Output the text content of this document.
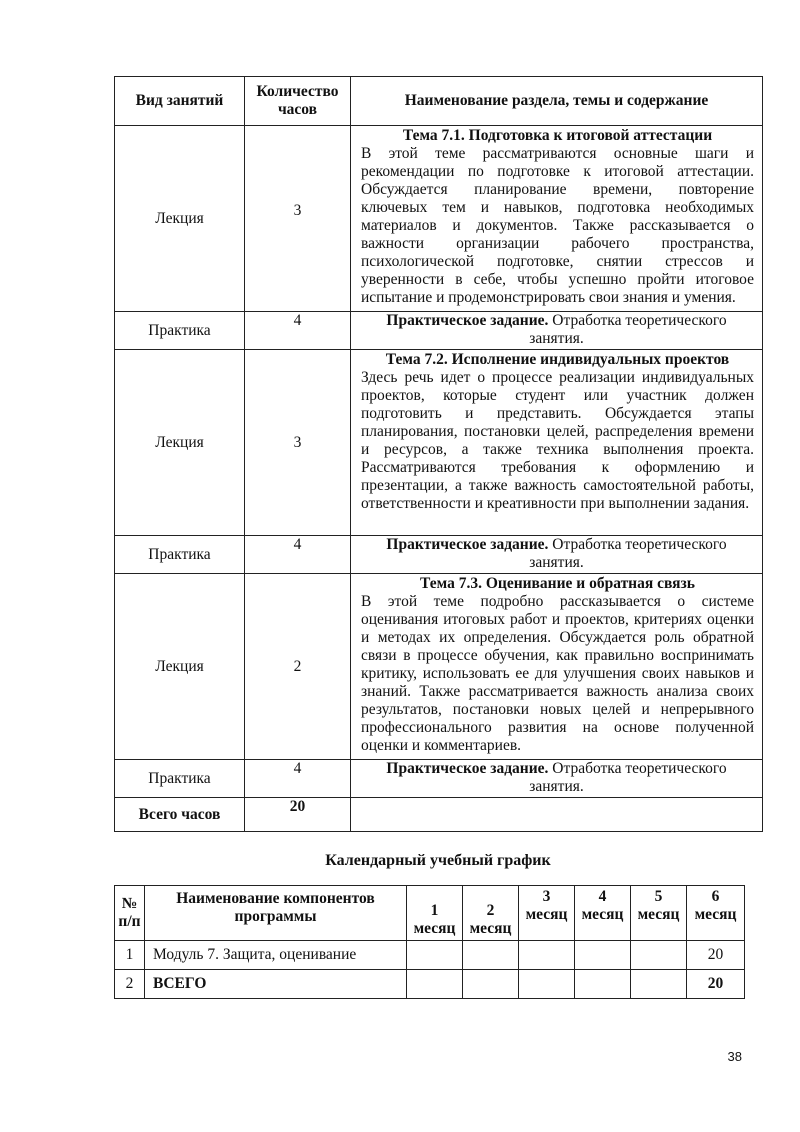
Вид занятий	Количество часов	Наименование раздела, темы и содержание
Лекция	3	Тема 7.1. Подготовка к итоговой аттестации
В этой теме рассматриваются основные шаги и рекомендации по подготовке к итоговой аттестации. Обсуждается планирование времени, повторение ключевых тем и навыков, подготовка необходимых материалов и документов. Также рассказывается о важности организации рабочего пространства, психологической подготовке, снятии стрессов и уверенности в себе, чтобы успешно пройти итоговое испытание и продемонстрировать свои знания и умения.

Практика	4	Практическое задание. Отработка теоретического занятия.
Лекция	3	Тема 7.2. Исполнение индивидуальных проектов
Здесь речь идет о процессе реализации индивидуальных проектов, которые студент или участник должен подготовить и представить. Обсуждается этапы планирования, постановки целей, распределения времени и ресурсов, а также техника выполнения проекта. Рассматриваются требования к оформлению и презентации, а также важность самостоятельной работы, ответственности и креативности при выполнении задания.

Практика	4	Практическое задание. Отработка теоретического занятия.
Лекция	2	Тема 7.3. Оценивание и обратная связь
В этой теме подробно рассказывается о системе оценивания итоговых работ и проектов, критериях оценки и методах их определения. Обсуждается роль обратной связи в процессе обучения, как правильно воспринимать критику, использовать ее для улучшения своих навыков и знаний. Также рассматривается важность анализа своих результатов, постановки новых целей и непрерывного профессионального развития на основе полученной оценки и комментариев.

Практика	4	Практическое задание. Отработка теоретического занятия.
Всего часов	20	
Календарный учебный график
№ п/п	Наименование компонентов программы	1 месяц	2 месяц	3 месяц	4 месяц	5 месяц	6 месяц
1	Модуль 7. Защита, оценивание						20
2	ВСЕГО						20
38
